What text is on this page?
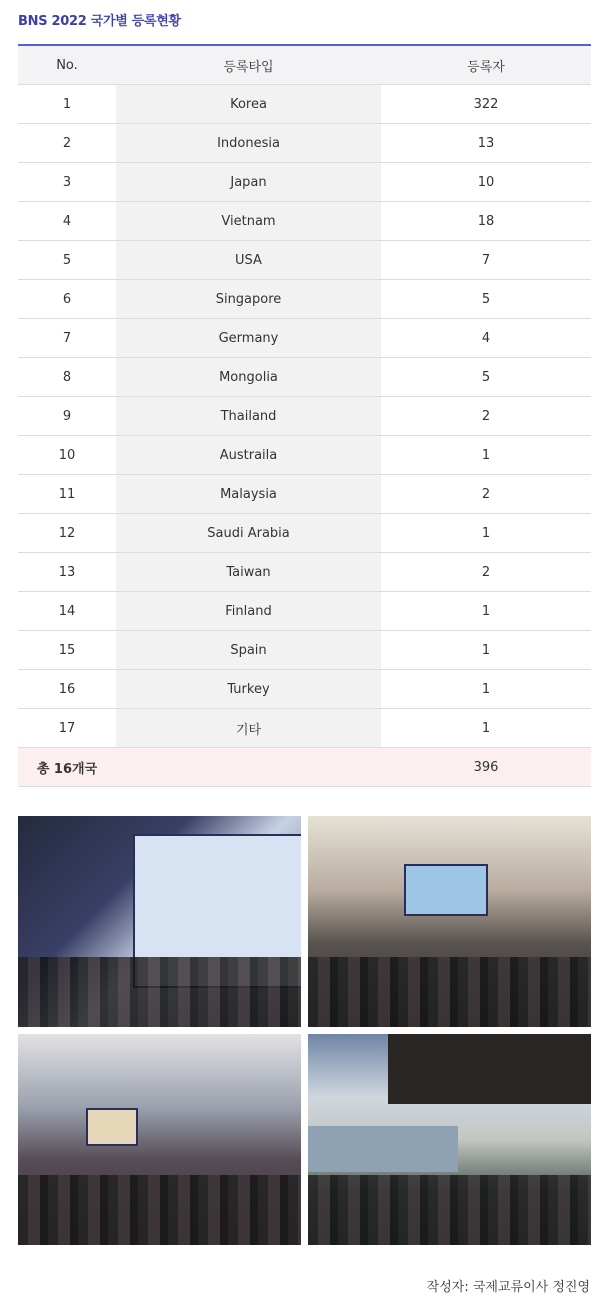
BNS 2022 국가별 등록현황
No.	등록타입	등록자
1	Korea	322
2	Indonesia	13
3	Japan	10
4	Vietnam	18
5	USA	7
6	Singapore	5
7	Germany	4
8	Mongolia	5
9	Thailand	2
10	Austraila	1
11	Malaysia	2
12	Saudi Arabia	1
13	Taiwan	2
14	Finland	1
15	Spain	1
16	Turkey	1
17	기타	1
총 16개국		396
작성자: 국제교류이사 정진영
